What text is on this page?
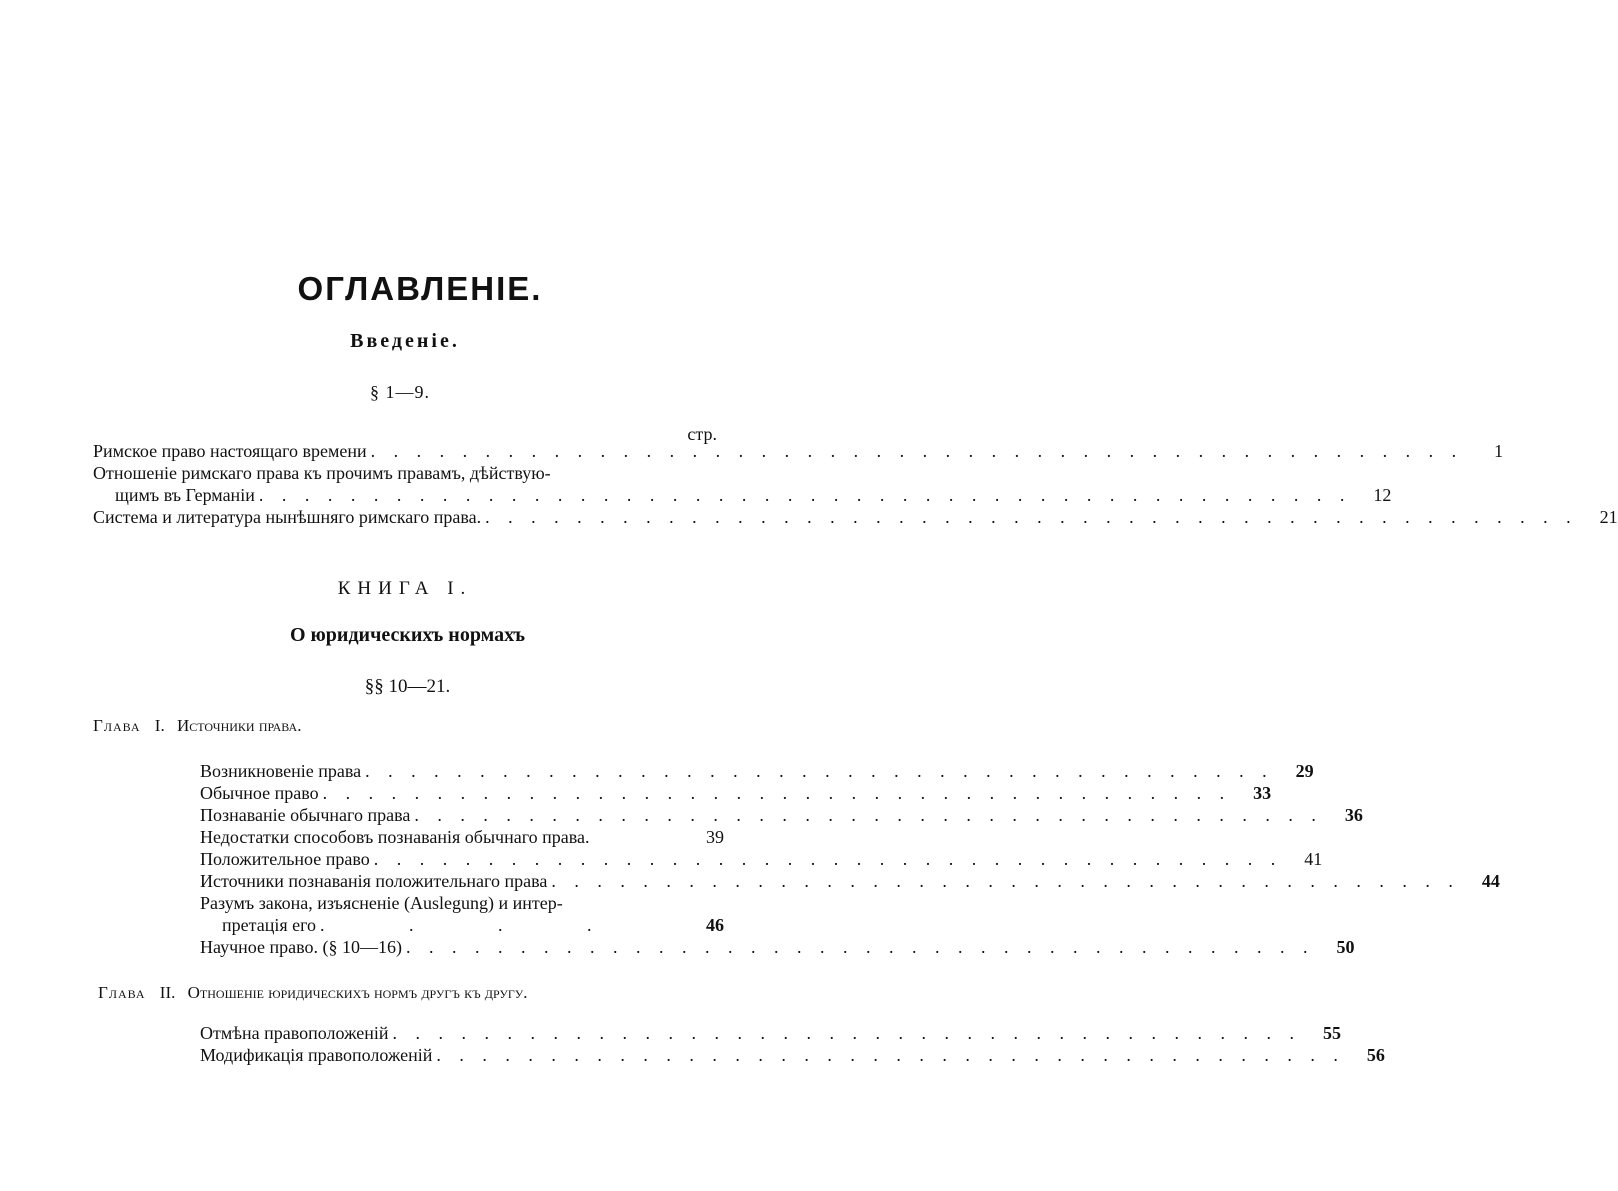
ОГЛАВЛЕНIЕ.
Введенiе.
§ 1—9.
стр.
Римское право настоящаго времени . . . . . . . . . . . . . . . . . . . . . . . . . . . . . . . . . . . . . . . . . . . . . . . .	1
Отношенiе римскаго права къ прочимъ правамъ, дѣйствую-
щимъ въ Германiи . . . . . . . . . . . . . . . . . . . . . . . . . . . . . . . . . . . . . . . . . . . . . . . .	12
Система и литература нынѣшняго римскаго права. . . . . . . . . . . . . . . . . . . . . . . . . . . . . . . . . . . . . . . . . . . . . . . . .	21
КНИГА I.
О юридическихъ нормахъ
§§ 10—21.
Глава I. Источники права.
Возникновенiе права . . . . . . . . . . . . . . . . . . . . . . . . . . . . . . . . . . . . . . . .	29
Обычное право . . . . . . . . . . . . . . . . . . . . . . . . . . . . . . . . . . . . . . . .	33
Познаванiе обычнаго права . . . . . . . . . . . . . . . . . . . . . . . . . . . . . . . . . . . . . . . .	36
Недостатки способовъ познаванiя обычнаго права.	39
Положительное право . . . . . . . . . . . . . . . . . . . . . . . . . . . . . . . . . . . . . . . .	41
Источники познаванiя положительнаго права . . . . . . . . . . . . . . . . . . . . . . . . . . . . . . . . . . . . . . . .	44
Разумъ закона, изъясненiе (Auslegung) и интер-
претацiя его . . . .	46
Научное право. (§ 10—16) . . . . . . . . . . . . . . . . . . . . . . . . . . . . . . . . . . . . . . . .	50
Глава II. Отношенiе юридическихъ нормъ другъ къ другу.
Отмѣна правоположенiй . . . . . . . . . . . . . . . . . . . . . . . . . . . . . . . . . . . . . . . .	55
Модификацiя правоположенiй . . . . . . . . . . . . . . . . . . . . . . . . . . . . . . . . . . . . . . . .	56
